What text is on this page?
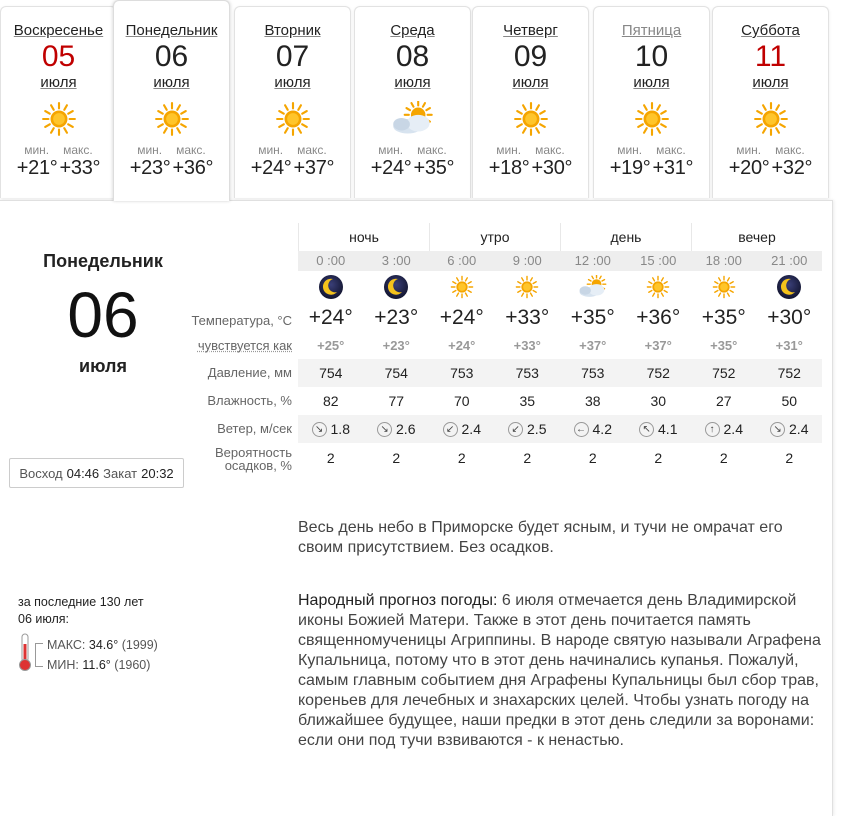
Воскресенье
05
июля
мин. макс.
+21° +33°
Понедельник
06
июля
мин. макс.
+23° +36°
Вторник
07
июля
мин. макс.
+24° +37°
Среда
08
июля
мин. макс.
+24° +35°
Четверг
09
июля
мин. макс.
+18° +30°
Пятница
10
июля
мин. макс.
+19° +31°
Суббота
11
июля
мин. макс.
+20° +32°
Понедельник
06
июля
Восход 04:46 Закат 20:32
ночь	утро	день	вечер
0 :00	3 :00	6 :00	9 :00	12 :00	15 :00	18 :00	21 :00
Температура, °С +24°	+23°	+24°	+33°	+35°	+36°	+35°	+30°
чувствуется как	+25°	+23°	+24°	+33°	+37°	+37°	+35°	+31°
Давление, мм	754	754	753	753	753	752	752	752
Влажность, %	82	77	70	35	38	30	27	50
Ветер, м/сек	↘ 1.8	↘ 2.6	↙ 2.4	↙ 2.5	← 4.2	↖ 4.1	↑ 2.4	↘ 2.4
Вероятность
осадков, %	2	2	2	2	2	2	2	2
Весь день небо в Приморске будет ясным, и тучи не омрачат его своим присутствием. Без осадков.
Народный прогноз погоды: 6 июля отмечается день Владимирской иконы Божией Матери. Также в этот день почитается память священномученицы Агриппины. В народе святую называли Аграфена Купальница, потому что в этот день начинались купанья. Пожалуй, самым главным событием дня Аграфены Купальницы был сбор трав, кореньев для лечебных и знахарских целей. Чтобы узнать погоду на ближайшее будущее, наши предки в этот день следили за воронами: если они под тучи взвиваются - к ненастью.
за последние 130 лет
06 июля:
МАКС: 34.6° (1999)
МИН: 11.6° (1960)
